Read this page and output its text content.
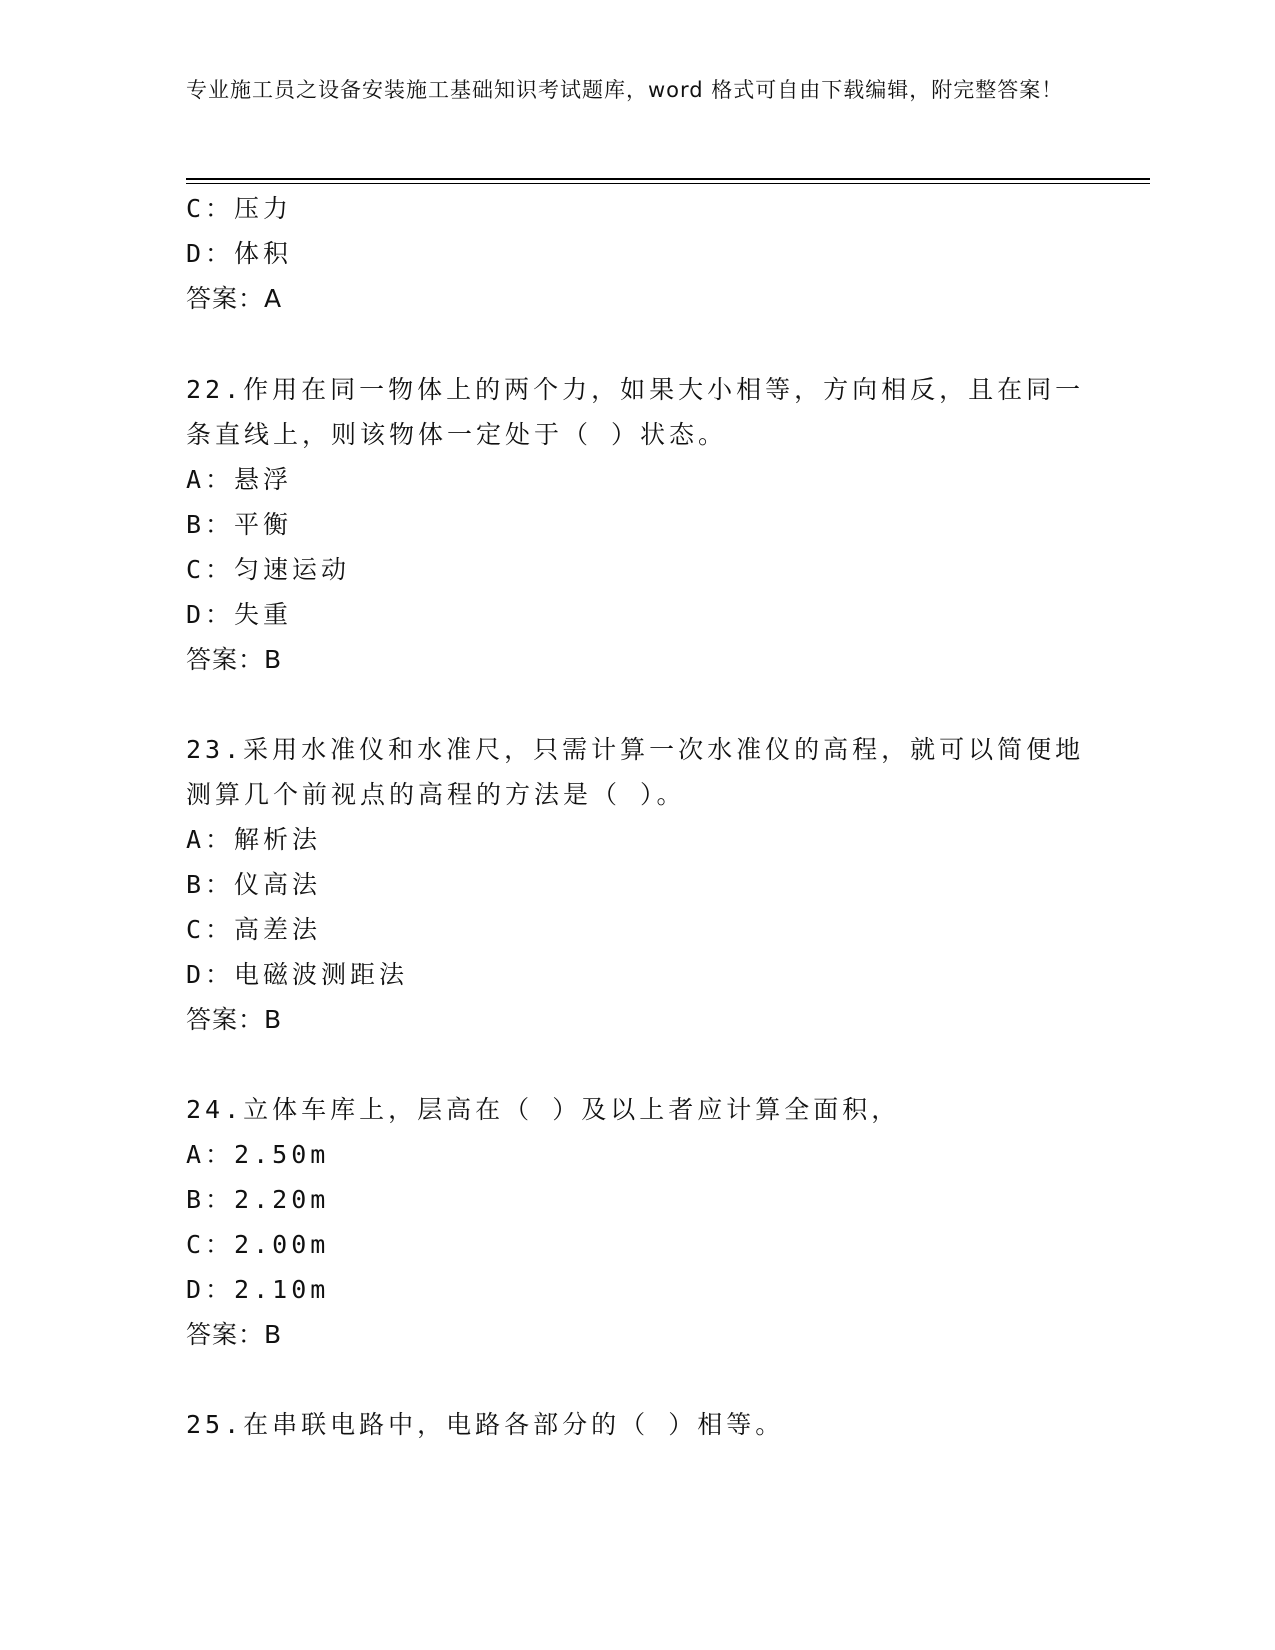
专业施工员之设备安装施工基础知识考试题库，word 格式可自由下载编辑，附完整答案！
C：压力
D：体积
答案：A
22.作用在同一物体上的两个力，如果大小相等，方向相反，且在同一
条直线上，则该物体一定处于（ ）状态。
A：悬浮
B：平衡
C：匀速运动
D：失重
答案：B
23.采用水准仪和水准尺，只需计算一次水准仪的高程，就可以简便地
测算几个前视点的高程的方法是（ ）。
A：解析法
B：仪高法
C：高差法
D：电磁波测距法
答案：B
24.立体车库上，层高在（ ）及以上者应计算全面积，
A：2.50m
B：2.20m
C：2.00m
D：2.10m
答案：B
25.在串联电路中，电路各部分的（ ）相等。
